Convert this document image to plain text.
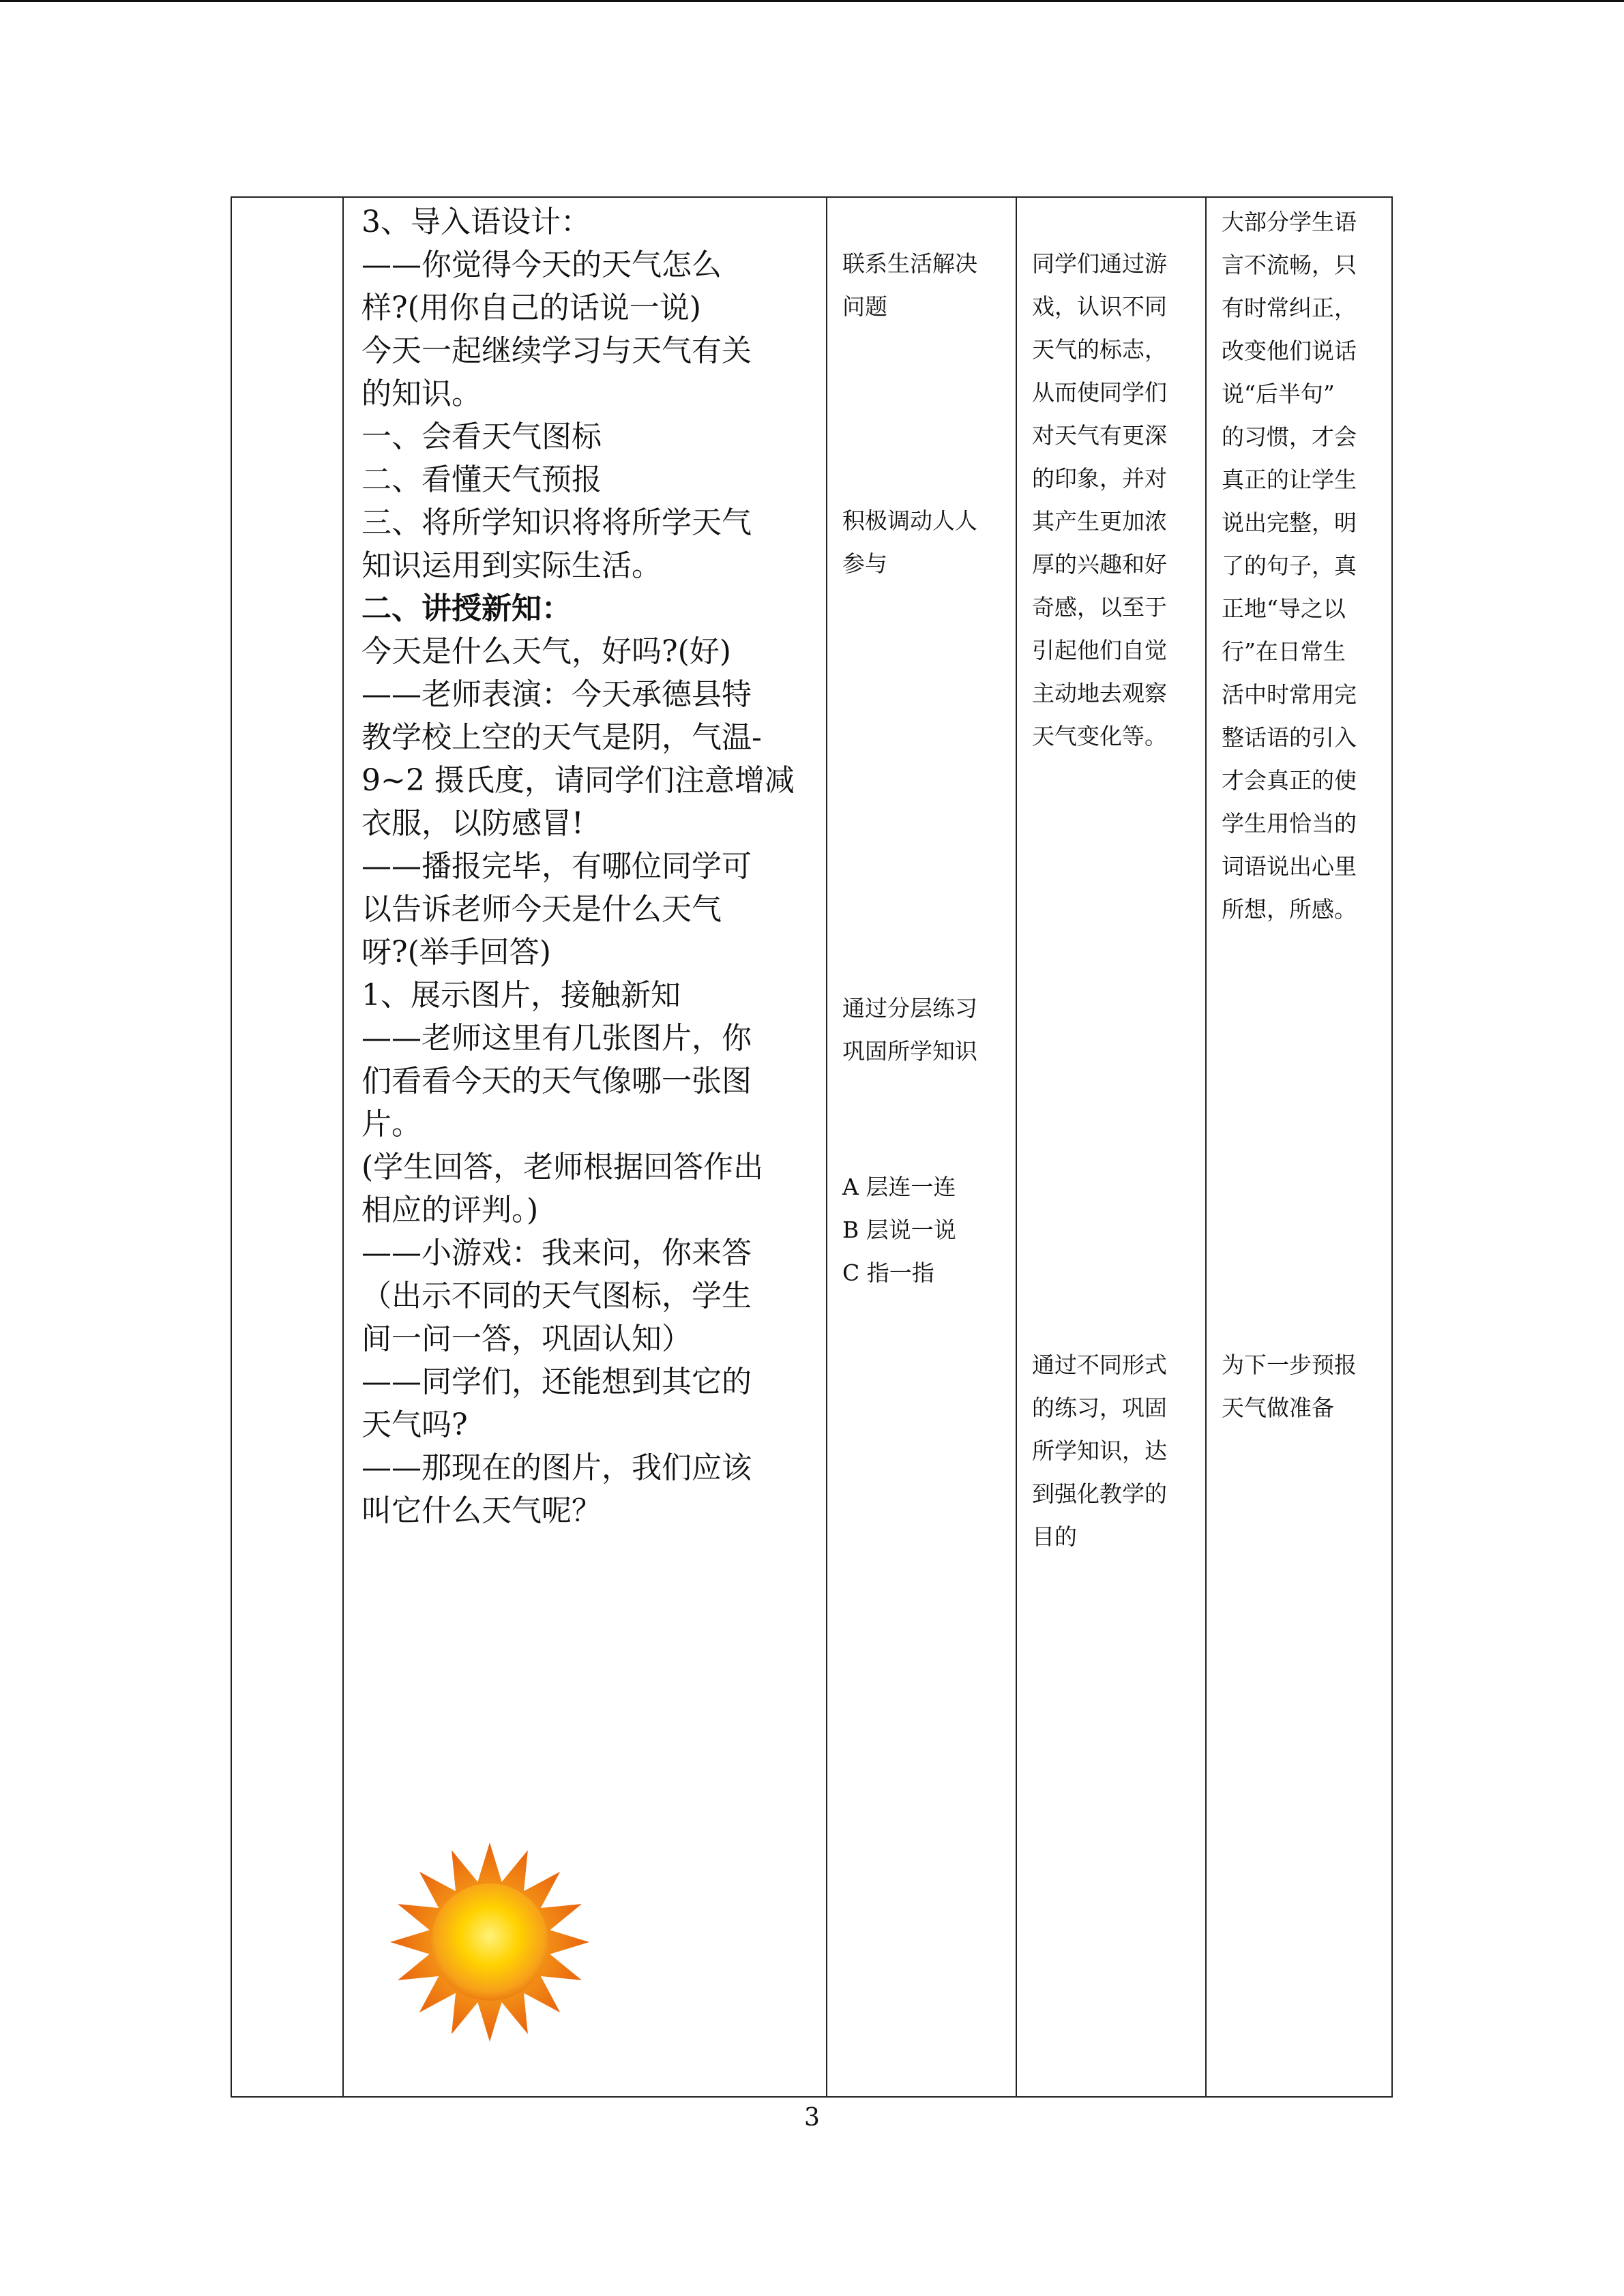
3、导入语设计：
——你觉得今天的天气怎么
样?(用你自己的话说一说)
今天一起继续学习与天气有关
的知识。
一、会看天气图标
二、看懂天气预报
三、将所学知识将将所学天气
知识运用到实际生活。
二、讲授新知：
今天是什么天气，好吗?(好)
——老师表演：今天承德县特
教学校上空的天气是阴，气温-
9~2 摄氏度，请同学们注意增减
衣服，以防感冒!
——播报完毕，有哪位同学可
以告诉老师今天是什么天气
呀?(举手回答)
1、展示图片，接触新知
——老师这里有几张图片，你
们看看今天的天气像哪一张图
片。
(学生回答，老师根据回答作出
相应的评判。)
——小游戏：我来问，你来答
（出示不同的天气图标，学生
间一问一答，巩固认知）
——同学们，还能想到其它的
天气吗?
——那现在的图片，我们应该
叫它什么天气呢？
联系生活解决
问题
积极调动人人
参与
通过分层练习
巩固所学知识
A 层连一连
B 层说一说
C 指一指
同学们通过游
戏，认识不同
天气的标志，
从而使同学们
对天气有更深
的印象，并对
其产生更加浓
厚的兴趣和好
奇感，以至于
引起他们自觉
主动地去观察
天气变化等。
通过不同形式
的练习，巩固
所学知识，达
到强化教学的
目的
大部分学生语
言不流畅，只
有时常纠正，
改变他们说话
说“后半句”
的习惯，才会
真正的让学生
说出完整，明
了的句子，真
正地“导之以
行”在日常生
活中时常用完
整话语的引入
才会真正的使
学生用恰当的
词语说出心里
所想，所感。
为下一步预报
天气做准备
3
